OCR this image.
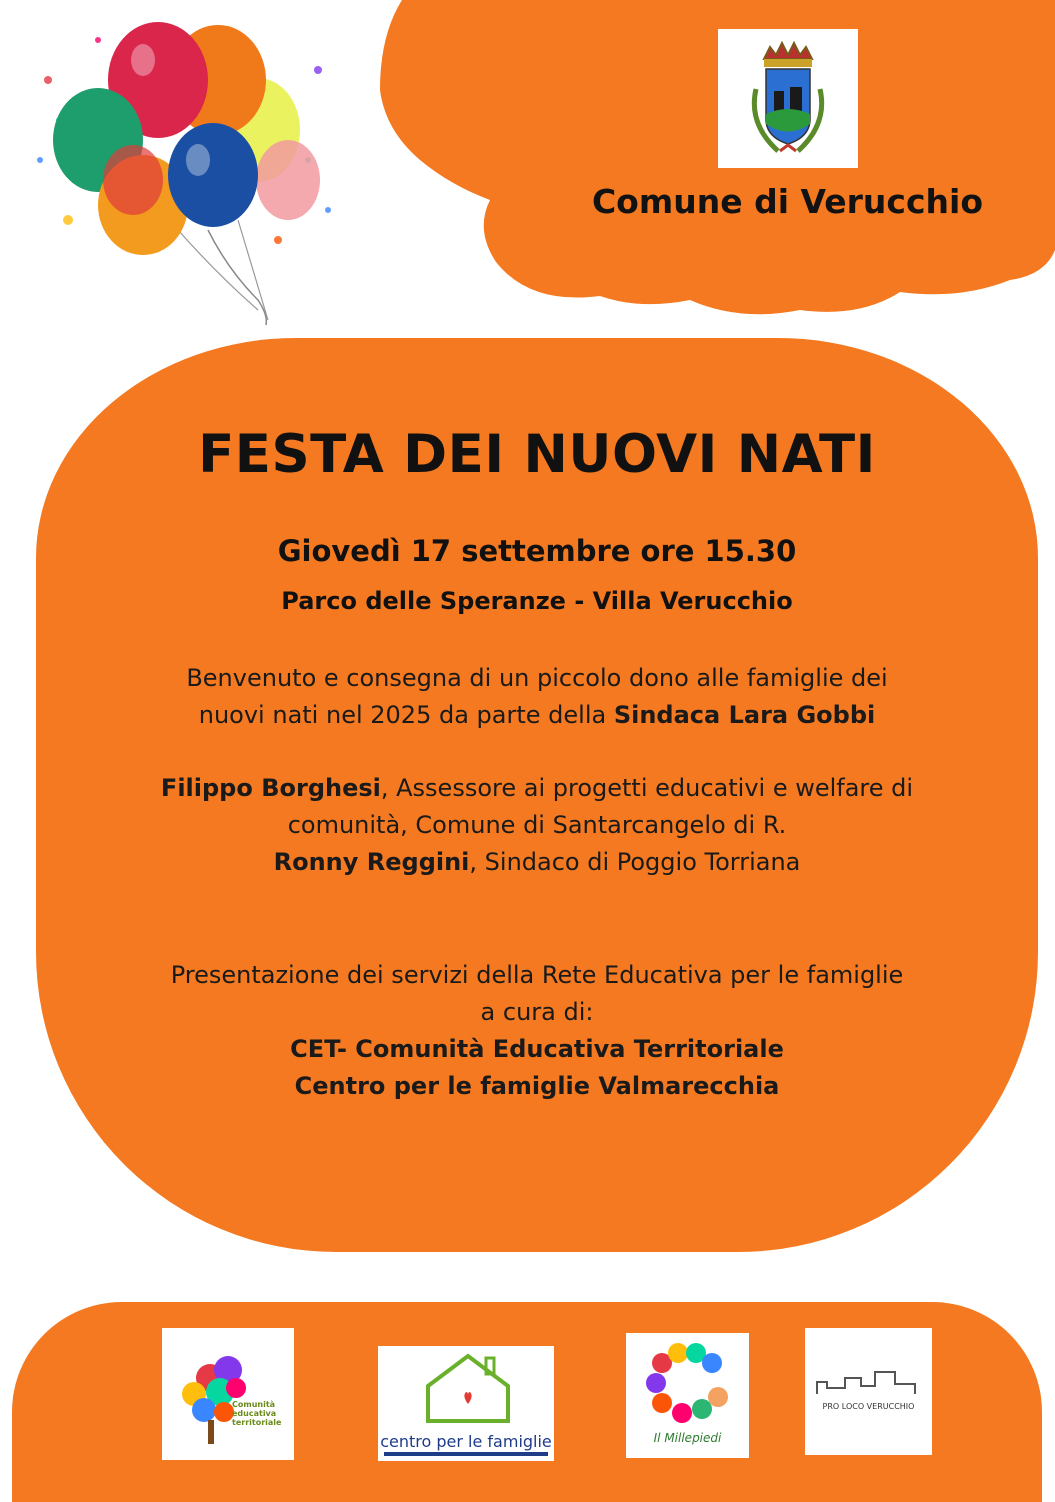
Comune di Verucchio
FESTA DEI NUOVI NATI
Giovedì 17 settembre ore 15.30
Parco delle Speranze - Villa Verucchio
Benvenuto e consegna di un piccolo dono alle famiglie dei
nuovi nati nel 2025 da parte della Sindaca Lara Gobbi
Filippo Borghesi, Assessore ai progetti educativi e welfare di
comunità, Comune di Santarcangelo di R.
Ronny Reggini, Sindaco di Poggio Torriana
Presentazione dei servizi della Rete Educativa per le famiglie
a cura di:
CET- Comunità Educativa Territoriale
Centro per le famiglie Valmarecchia
Comunità educativa territoriale
centro per le famiglie	Il Millepiedi
PRO LOCO VERUCCHIO
